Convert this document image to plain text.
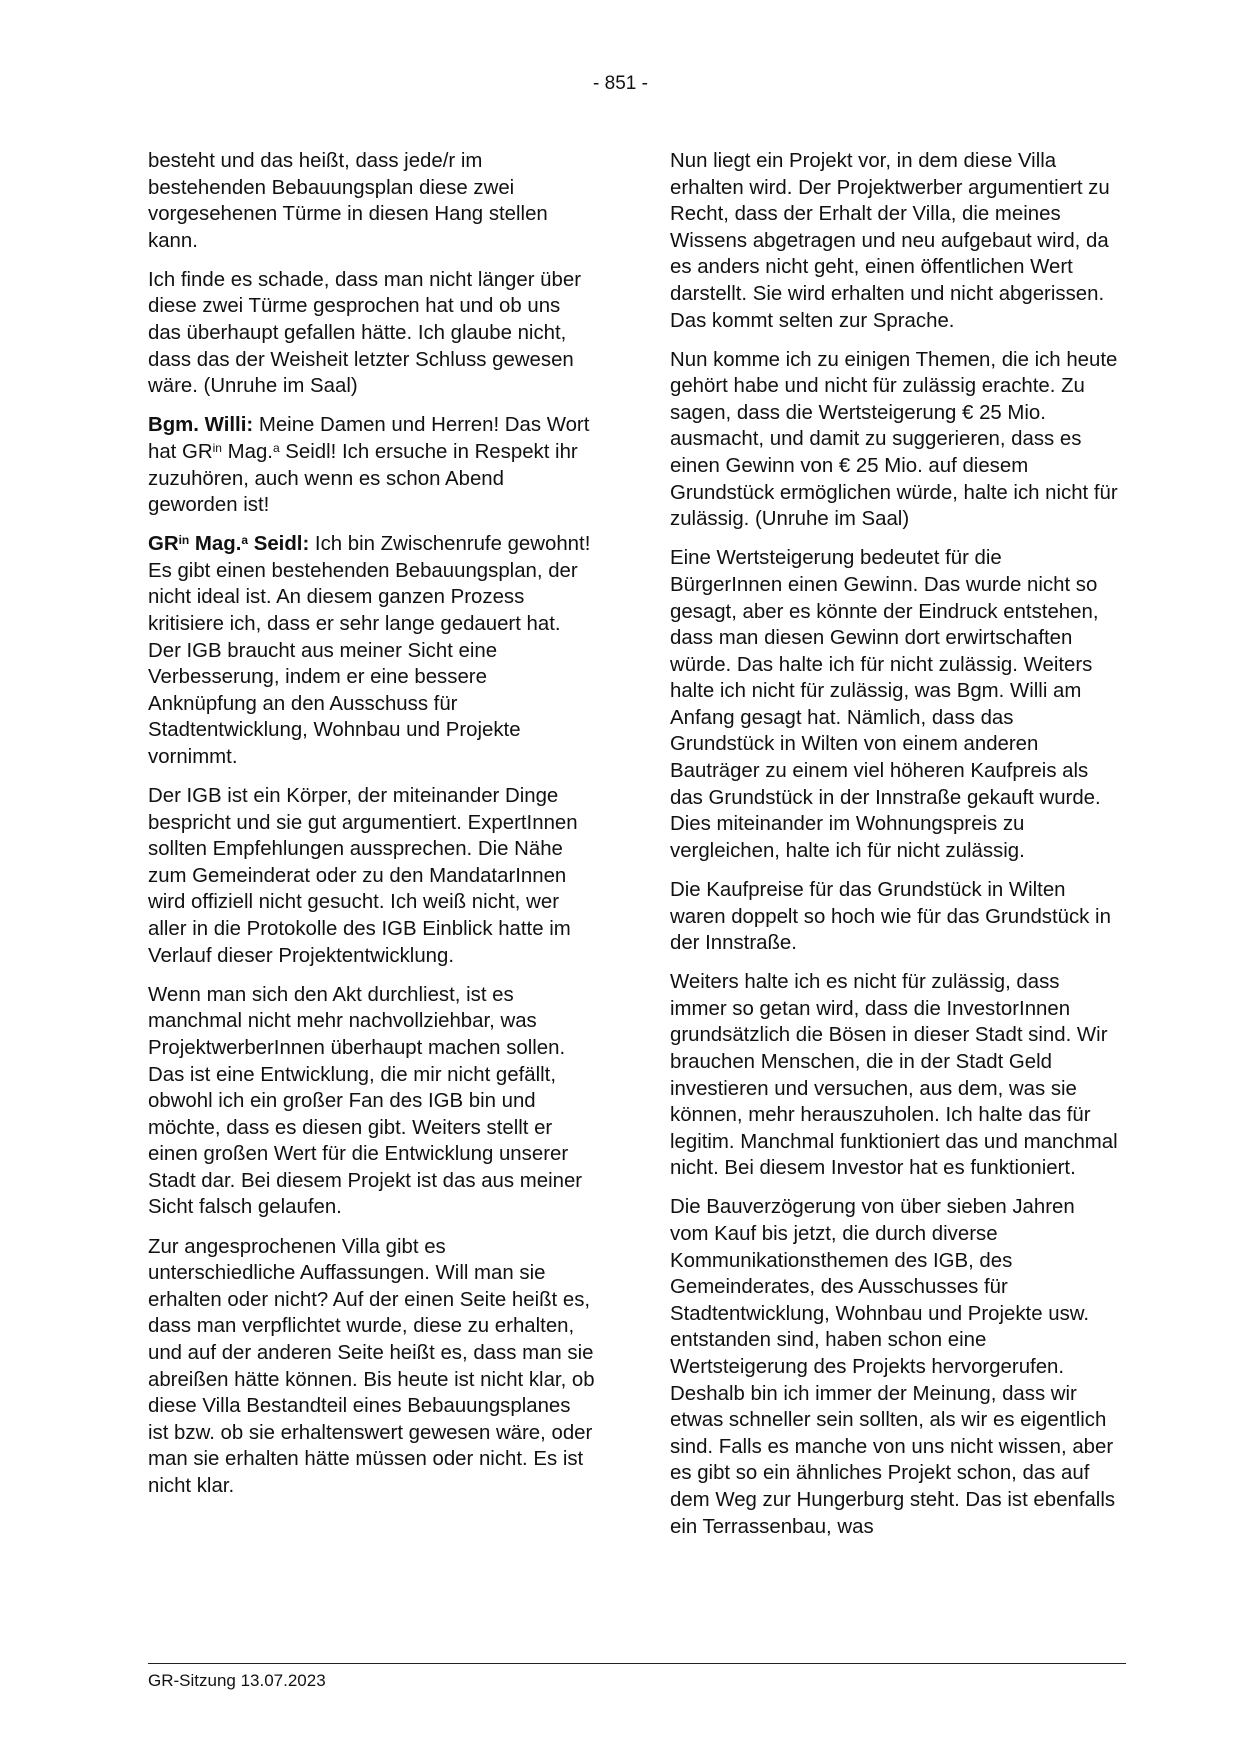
- 851 -

besteht und das heißt, dass jede/r im bestehenden Bebauungsplan diese zwei vorgesehenen Türme in diesen Hang stellen kann.

Ich finde es schade, dass man nicht länger über diese zwei Türme gesprochen hat und ob uns das überhaupt gefallen hätte. Ich glaube nicht, dass das der Weisheit letzter Schluss gewesen wäre. (Unruhe im Saal)

Bgm. Willi: Meine Damen und Herren! Das Wort hat $GR^{in}$ Mag.$^a$ Seidl! Ich ersuche in Respekt ihr zuzuhören, auch wenn es schon Abend geworden ist!

$GR^{in}$ Mag.$^a$ Seidl: Ich bin Zwischenrufe gewohnt! Es gibt einen bestehenden Bebauungsplan, der nicht ideal ist. An diesem ganzen Prozess kritisiere ich, dass er sehr lange gedauert hat. Der IGB braucht aus meiner Sicht eine Verbesserung, indem er eine bessere Anknüpfung an den Ausschuss für Stadtentwicklung, Wohnbau und Projekte vornimmt.

Der IGB ist ein Körper, der miteinander Dinge bespricht und sie gut argumentiert. ExpertInnen sollten Empfehlungen aussprechen. Die Nähe zum Gemeinderat oder zu den MandatarInnen wird offiziell nicht gesucht. Ich weiß nicht, wer aller in die Protokolle des IGB Einblick hatte im Verlauf dieser Projektentwicklung.

Wenn man sich den Akt durchliest, ist es manchmal nicht mehr nachvollziehbar, was ProjektwerberInnen überhaupt machen sollen. Das ist eine Entwicklung, die mir nicht gefällt, obwohl ich ein großer Fan des IGB bin und möchte, dass es diesen gibt. Weiters stellt er einen großen Wert für die Entwicklung unserer Stadt dar. Bei diesem Projekt ist das aus meiner Sicht falsch gelaufen.

Zur angesprochenen Villa gibt es unterschiedliche Auffassungen. Will man sie erhalten oder nicht? Auf der einen Seite heißt es, dass man verpflichtet wurde, diese zu erhalten, und auf der anderen Seite heißt es, dass man sie abreißen hätte können. Bis heute ist nicht klar, ob diese Villa Bestandteil eines Bebauungsplanes ist bzw. ob sie erhaltenswert gewesen wäre, oder man sie erhalten hätte müssen oder nicht. Es ist nicht klar.

Nun liegt ein Projekt vor, in dem diese Villa erhalten wird. Der Projektwerber argumentiert zu Recht, dass der Erhalt der Villa, die meines Wissens abgetragen und neu aufgebaut wird, da es anders nicht geht, einen öffentlichen Wert darstellt. Sie wird erhalten und nicht abgerissen. Das kommt selten zur Sprache.

Nun komme ich zu einigen Themen, die ich heute gehört habe und nicht für zulässig erachte. Zu sagen, dass die Wertsteigerung € 25 Mio. ausmacht, und damit zu suggerieren, dass es einen Gewinn von € 25 Mio. auf diesem Grundstück ermöglichen würde, halte ich nicht für zulässig. (Unruhe im Saal)

Eine Wertsteigerung bedeutet für die BürgerInnen einen Gewinn. Das wurde nicht so gesagt, aber es könnte der Eindruck entstehen, dass man diesen Gewinn dort erwirtschaften würde. Das halte ich für nicht zulässig. Weiters halte ich nicht für zulässig, was Bgm. Willi am Anfang gesagt hat. Nämlich, dass das Grundstück in Wilten von einem anderen Bauträger zu einem viel höheren Kaufpreis als das Grundstück in der Innstraße gekauft wurde. Dies miteinander im Wohnungspreis zu vergleichen, halte ich für nicht zulässig.

Die Kaufpreise für das Grundstück in Wilten waren doppelt so hoch wie für das Grundstück in der Innstraße.

Weiters halte ich es nicht für zulässig, dass immer so getan wird, dass die InvestorInnen grundsätzlich die Bösen in dieser Stadt sind. Wir brauchen Menschen, die in der Stadt Geld investieren und versuchen, aus dem, was sie können, mehr herauszuholen. Ich halte das für legitim. Manchmal funktioniert das und manchmal nicht. Bei diesem Investor hat es funktioniert.

Die Bauverzögerung von über sieben Jahren vom Kauf bis jetzt, die durch diverse Kommunikationsthemen des IGB, des Gemeinderates, des Ausschusses für Stadtentwicklung, Wohnbau und Projekte usw. entstanden sind, haben schon eine Wertsteigerung des Projekts hervorgerufen. Deshalb bin ich immer der Meinung, dass wir etwas schneller sein sollten, als wir es eigentlich sind. Falls es manche von uns nicht wissen, aber es gibt so ein ähnliches Projekt schon, das auf dem Weg zur Hungerburg steht. Das ist ebenfalls ein Terrassenbau, was

GR-Sitzung 13.07.2023
